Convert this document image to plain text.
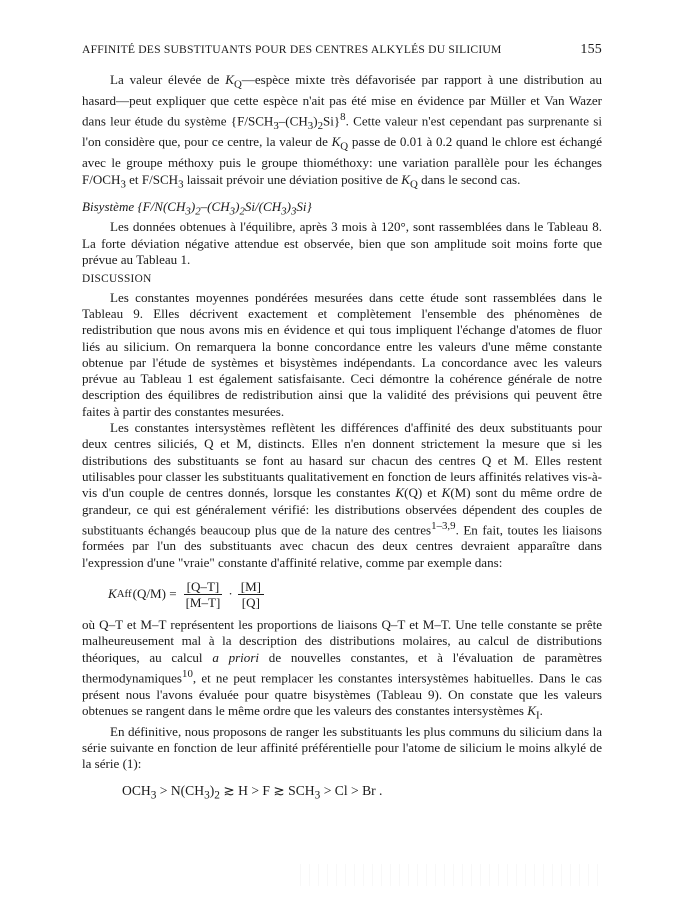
AFFINITÉ DES SUBSTITUANTS POUR DES CENTRES ALKYLÉS DU SILICIUM	155

La valeur élevée de $K_Q—espèce$ mixte très défavorisée par rapport à une distribution au hasard—peut expliquer que cette espèce n'ait pas été mise en évidence par Müller et Van Wazer dans leur étude du système $\{F/SCH_3-(CH_3)_2Si\}^8$. Cette valeur n'est cependant pas surprenante si l'on considère que, pour ce centre, la valeur de $K_Q$ passe de 0.01 à 0.2 quand le chlore est échangé avec le groupe méthoxy puis le groupe thiométhoxy: une variation parallèle pour les échanges $F/OCH_3$ et $F/SCH_3$ laissait prévoir une déviation positive de $K_Q$ dans le second cas.

Bisystème $\{F/N(CH_3)_2-(CH_3)_2Si/(CH_3)_3Si\}$

Les données obtenues à l'équilibre, après 3 mois à 120°, sont rassemblées dans le Tableau 8. La forte déviation négative attendue est observée, bien que son amplitude soit moins forte que prévue au Tableau 1.

DISCUSSION

Les constantes moyennes pondérées mesurées dans cette étude sont rassemblées dans le Tableau 9. Elles décrivent exactement et complètement l'ensemble des phénomènes de redistribution que nous avons mis en évidence et qui tous impliquent l'échange d'atomes de fluor liés au silicium. On remarquera la bonne concordance entre les valeurs d'une même constante obtenue par l'étude de systèmes et bisystèmes indépendants. La concordance avec les valeurs prévue au Tableau 1 est également satisfaisante. Ceci démontre la cohérence générale de notre description des équilibres de redistribution ainsi que la validité des prévisions qui peuvent être faites à partir des constantes mesurées.

Les constantes intersystèmes reflètent les différences d'affinité des deux substituants pour deux centres siliciés, Q et M, distincts. Elles n'en donnent strictement la mesure que si les distributions des substituants se font au hasard sur chacun des centres Q et M. Elles restent utilisables pour classer les substituants qualitativement en fonction de leurs affinités relatives vis-à-vis d'un couple de centres donnés, lorsque les constantes K(Q) et K(M) sont du même ordre de grandeur, ce qui est généralement vérifié: les distributions observées dépendent des couples de substituants échangés beaucoup plus que de la nature des centres$^{1-3,9}$. En fait, toutes les liaisons formées par l'un des substituants avec chacun des deux centres devraient apparaître dans l'expression d'une "vraie" constante d'affinité relative, comme par exemple dans:

K Aff $(Q/M) = \frac{[Q-T]}{[M-T]} \cdot \frac{[M]}{[Q]}$

où Q–T et M–T représentent les proportions de liaisons Q–T et M–T. Une telle constante se prête malheureusement mal à la description des distributions molaires, au calcul de distributions théoriques, au calcul a priori de nouvelles constantes, et à l'évaluation de paramètres thermodynamiques$^{10}$, et ne peut remplacer les constantes intersystèmes habituelles. Dans le cas présent nous l'avons évaluée pour quatre bisystèmes (Tableau 9). On constate que les valeurs obtenues se rangent dans le même ordre que les valeurs des constantes intersystèmes $K_I$.

En définitive, nous proposons de ranger les substituants les plus communs du silicium dans la série suivante en fonction de leur affinité préférentielle pour l'atome de silicium le moins alkylé de la série (1):

$OCH_3 > N(CH_3)_2$ ≳ H > F ≳ $SCH_3 > Cl > Br$ .
